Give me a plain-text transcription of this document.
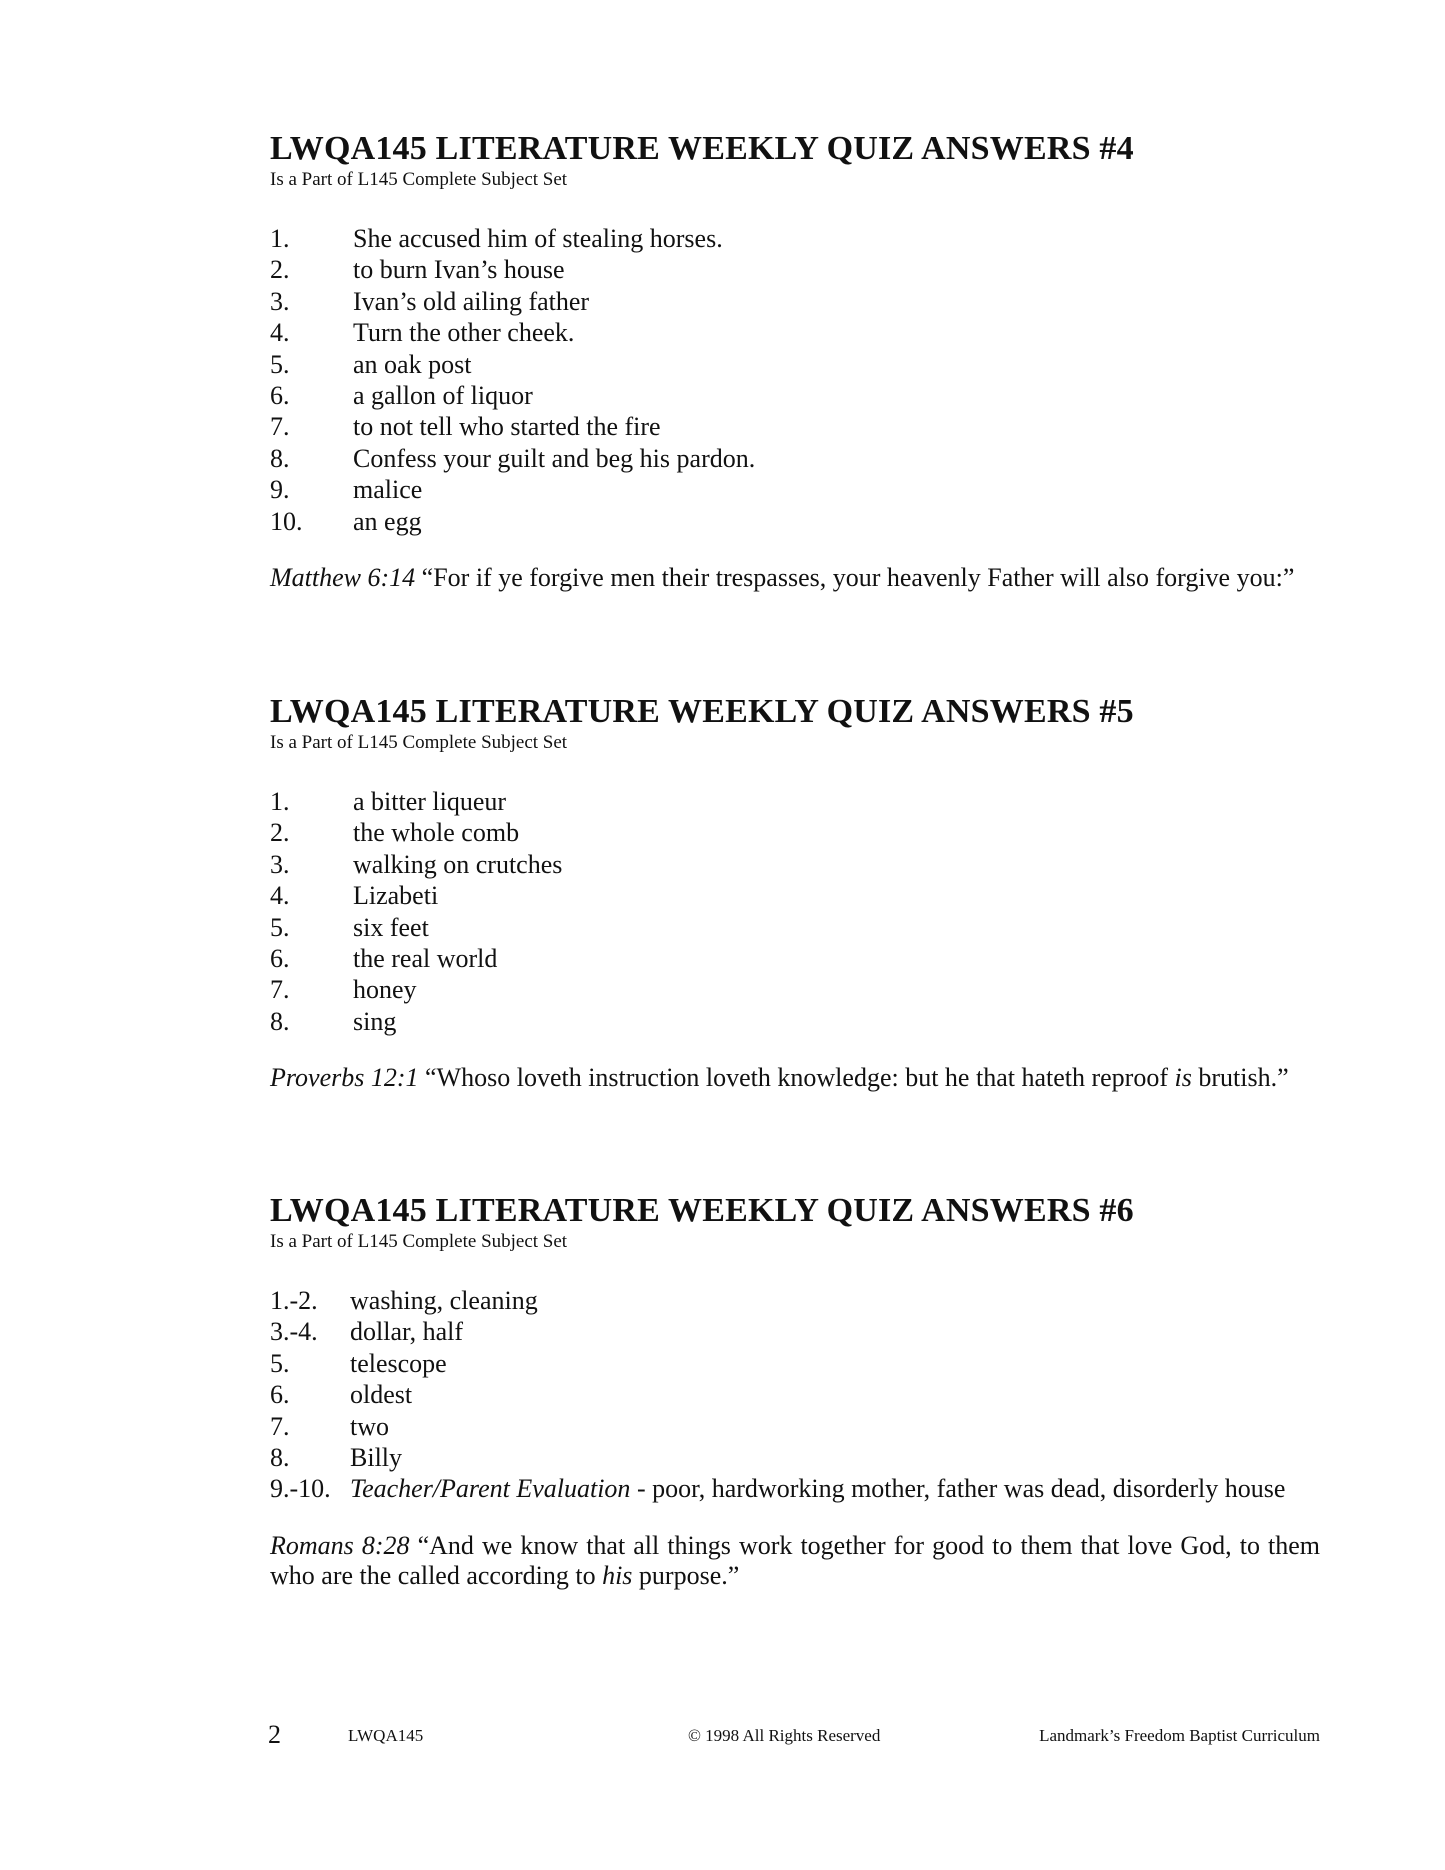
LWQA145 LITERATURE WEEKLY QUIZ ANSWERS #4
Is a Part of L145 Complete Subject Set
1.	She accused him of stealing horses.
2.	to burn Ivan’s house
3.	Ivan’s old ailing father
4.	Turn the other cheek.
5.	an oak post
6.	a gallon of liquor
7.	to not tell who started the fire
8.	Confess your guilt and beg his pardon.
9.	malice
10.	an egg
Matthew 6:14 “For if ye forgive men their trespasses, your heavenly Father will also forgive you:”
LWQA145 LITERATURE WEEKLY QUIZ ANSWERS #5
Is a Part of L145 Complete Subject Set
1.	a bitter liqueur
2.	the whole comb
3.	walking on crutches
4.	Lizabeti
5.	six feet
6.	the real world
7.	honey
8.	sing
Proverbs 12:1 “Whoso loveth instruction loveth knowledge: but he that hateth reproof is brutish.”
LWQA145 LITERATURE WEEKLY QUIZ ANSWERS #6
Is a Part of L145 Complete Subject Set
1.-2.	washing, cleaning
3.-4.	dollar, half
5.	telescope
6.	oldest
7.	two
8.	Billy
9.-10. Teacher/Parent Evaluation - poor, hardworking mother, father was dead, disorderly house
Romans 8:28 “And we know that all things work together for good to them that love God, to them who are the called according to his purpose.”
2	LWQA145	© 1998 All Rights Reserved	Landmark’s Freedom Baptist Curriculum
